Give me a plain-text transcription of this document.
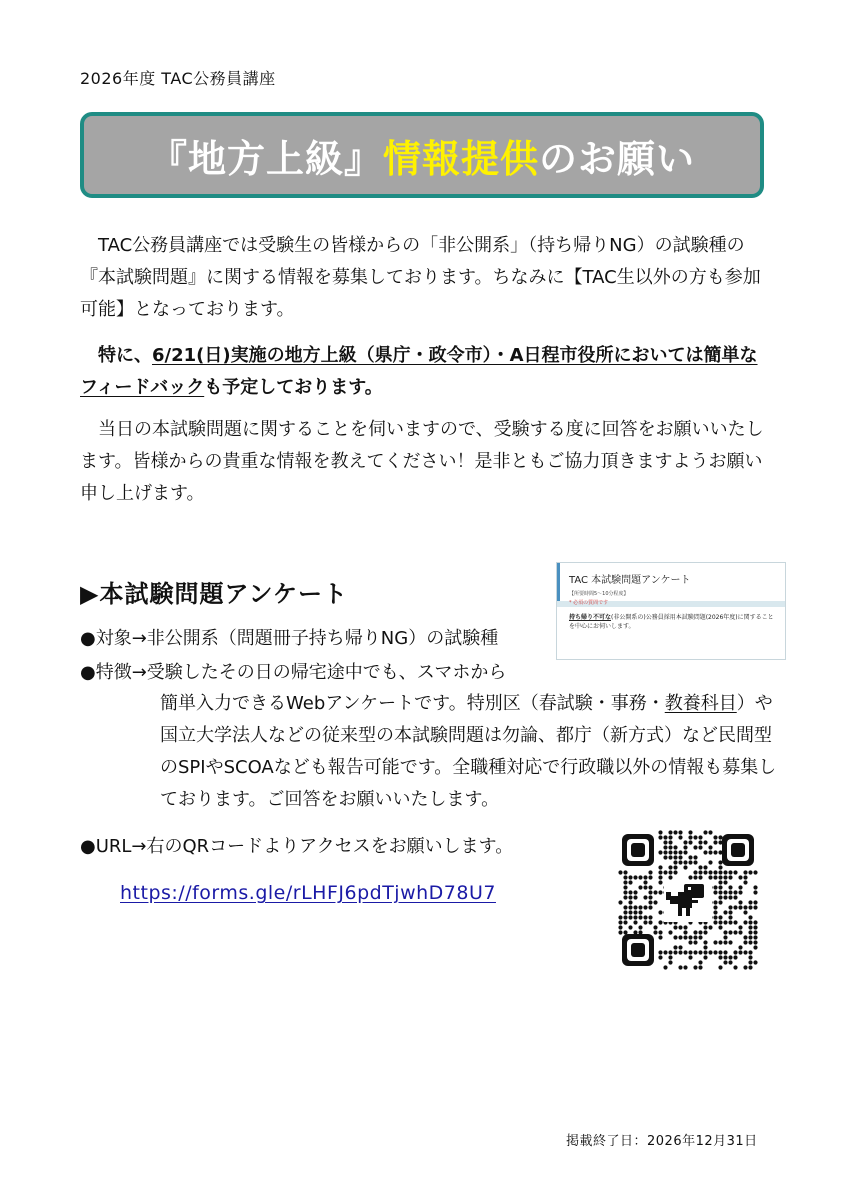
2026年度 TAC公務員講座
『地方上級』 情報提供 のお願い

TAC公務員講座では受験生の皆様からの「非公開系」（持ち帰りNG）の試験種の『本試験問題』に関する情報を募集しております。ちなみに【TAC生以外の方も参加可能】となっております。

特に、6/21(日)実施の地方上級（県庁・政令市）・A日程市役所においては簡単なフィードバックも予定しております。

当日の本試験問題に関することを伺いますので、受験する度に回答をお願いいたします。皆様からの貴重な情報を教えてください！是非ともご協力頂きますようお願い申し上げます。

▶本試験問題アンケート	TAC 本試験問題アンケート
【所要時間5～10分程度】
* 必須の質問です
持ち帰り不可な(非公開系の)公務員採用本試験問題(2026年度)に関することを中心にお伺いします。
●対象→非公開系（問題冊子持ち帰りNG）の試験種
●特徴→受験したその日の帰宅途中でも、スマホから
簡単入力できるWebアンケートです。特別区（春試験・事務・教養科目）や国立大学法人などの従来型の本試験問題は勿論、都庁（新方式）など民間型のSPIやSCOAなども報告可能です。全職種対応で行政職以外の情報も募集しております。ご回答をお願いいたします。
●URL→右のQRコードよりアクセスをお願いします。
https://forms.gle/rLHFJ6pdTjwhD78U7
掲載終了日：2026年12月31日
